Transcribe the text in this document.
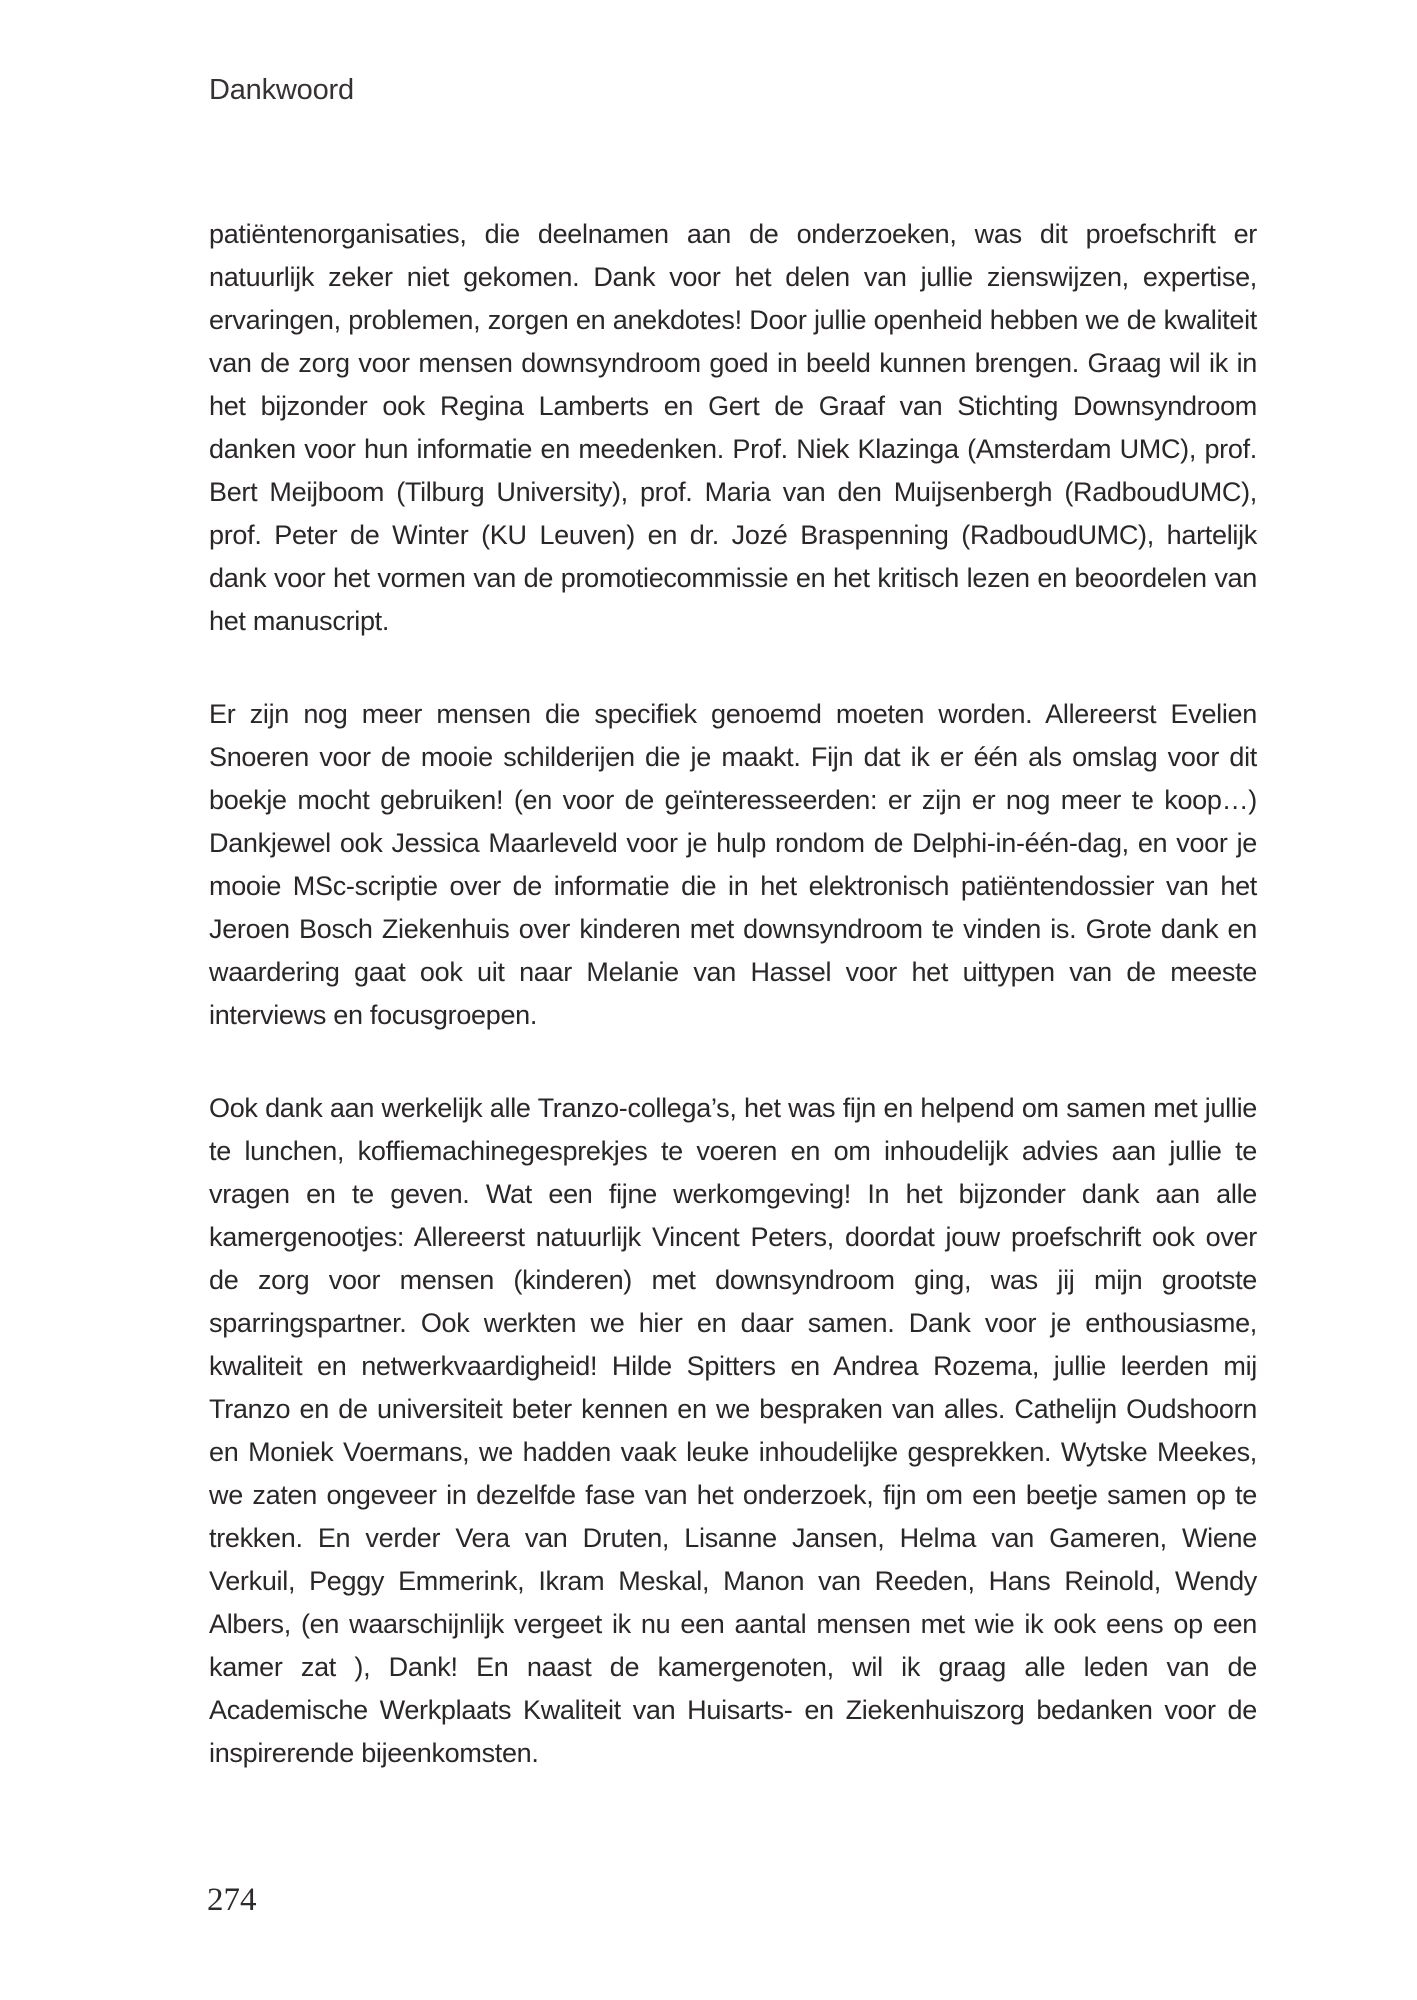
Dankwoord

patiëntenorganisaties, die deelnamen aan de onderzoeken, was dit proefschrift er natuurlijk zeker niet gekomen. Dank voor het delen van jullie zienswijzen, expertise, ervaringen, problemen, zorgen en anekdotes! Door jullie openheid hebben we de kwaliteit van de zorg voor mensen downsyndroom goed in beeld kunnen brengen. Graag wil ik in het bijzonder ook Regina Lamberts en Gert de Graaf van Stichting Downsyndroom danken voor hun informatie en meedenken. Prof. Niek Klazinga (Amsterdam UMC), prof. Bert Meijboom (Tilburg University), prof. Maria van den Muijsenbergh (RadboudUMC), prof. Peter de Winter (KU Leuven) en dr. Jozé Braspenning (RadboudUMC), hartelijk dank voor het vormen van de promotiecommissie en het kritisch lezen en beoordelen van het manuscript.

Er zijn nog meer mensen die specifiek genoemd moeten worden. Allereerst Evelien Snoeren voor de mooie schilderijen die je maakt. Fijn dat ik er één als omslag voor dit boekje mocht gebruiken! (en voor de geïnteresseerden: er zijn er nog meer te koop…) Dankjewel ook Jessica Maarleveld voor je hulp rondom de Delphi-in-één-dag, en voor je mooie MSc-scriptie over de informatie die in het elektronisch patiëntendossier van het Jeroen Bosch Ziekenhuis over kinderen met downsyndroom te vinden is. Grote dank en waardering gaat ook uit naar Melanie van Hassel voor het uittypen van de meeste interviews en focusgroepen.

Ook dank aan werkelijk alle Tranzo-collega’s, het was fijn en helpend om samen met jullie te lunchen, koffiemachinegesprekjes te voeren en om inhoudelijk advies aan jullie te vragen en te geven. Wat een fijne werkomgeving! In het bijzonder dank aan alle kamergenootjes: Allereerst natuurlijk Vincent Peters, doordat jouw proefschrift ook over de zorg voor mensen (kinderen) met downsyndroom ging, was jij mijn grootste sparringspartner. Ook werkten we hier en daar samen. Dank voor je enthousiasme, kwaliteit en netwerkvaardigheid! Hilde Spitters en Andrea Rozema, jullie leerden mij Tranzo en de universiteit beter kennen en we bespraken van alles. Cathelijn Oudshoorn en Moniek Voermans, we hadden vaak leuke inhoudelijke gesprekken. Wytske Meekes, we zaten ongeveer in dezelfde fase van het onderzoek, fijn om een beetje samen op te trekken. En verder Vera van Druten, Lisanne Jansen, Helma van Gameren, Wiene Verkuil, Peggy Emmerink, Ikram Meskal, Manon van Reeden, Hans Reinold, Wendy Albers, (en waarschijnlijk vergeet ik nu een aantal mensen met wie ik ook eens op een kamer zat ), Dank! En naast de kamergenoten, wil ik graag alle leden van de Academische Werkplaats Kwaliteit van Huisarts- en Ziekenhuiszorg bedanken voor de inspirerende bijeenkomsten.

274
